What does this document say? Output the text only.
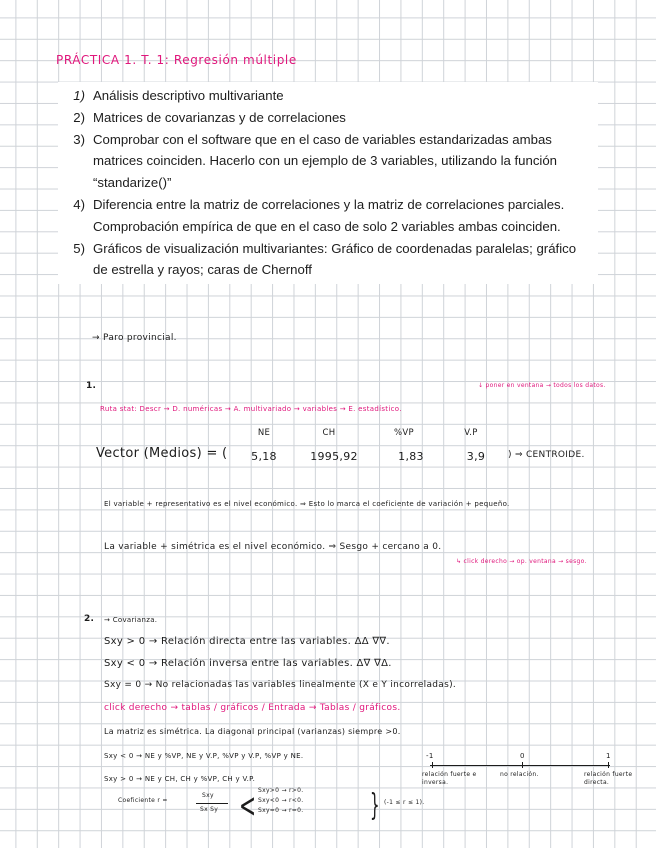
PRÁCTICA 1. T. 1: Regresión múltiple
1) Análisis descriptivo multivariante
2) Matrices de covarianzas y de correlaciones
3) Comprobar con el software que en el caso de variables estandarizadas ambas matrices coinciden. Hacerlo con un ejemplo de 3 variables, utilizando la función “standarize()”
4) Diferencia entre la matriz de correlaciones y la matriz de correlaciones parciales. Comprobación empírica de que en el caso de solo 2 variables ambas coinciden.
5) Gráficos de visualización multivariantes: Gráfico de coordenadas paralelas; gráfico de estrella y rayos; caras de Chernoff
→ Paro provincial.
1.	↓ poner en ventana → todos los datos.
Ruta stat: Descr → D. numéricas → A. multivariado → variables → E. estadístico.
NE	CH	%VP	V.P
Vector (Medios) = (	5,18	1995,92	1,83	3,9	) ⇒ CENTROIDE.
El variable + representativo es el nivel económico. ⇒ Esto lo marca el coeficiente de variación + pequeño.
La variable + simétrica es el nivel económico. ⇒ Sesgo + cercano a 0.
↳ click derecho → op. ventana → sesgo.
2. → Covarianza.
Sxy > 0 → Relación directa entre las variables. ΔΔ ∇∇.
Sxy < 0 → Relación inversa entre las variables. Δ∇ ∇Δ.
Sxy = 0 → No relacionadas las variables linealmente (X e Y incorreladas).
click derecho → tablas / gráficos / Entrada → Tablas / gráficos.
La matriz es simétrica. La diagonal principal (varianzas) siempre >0.
Sxy < 0 → NE y %VP, NE y V.P, %VP y V.P, %VP y NE.
Sxy > 0 → NE y CH, CH y %VP, CH y V.P.
Coeficiente r =
Sxy
Sx Sy < Sxy>0 → r>0.
Sxy<0 → r<0.
Sxy=0 → r=0. } (-1 ≤ r ≤ 1).
-1	0	1
relación fuerte e inversa.
no relación.	relación fuerte directa.
